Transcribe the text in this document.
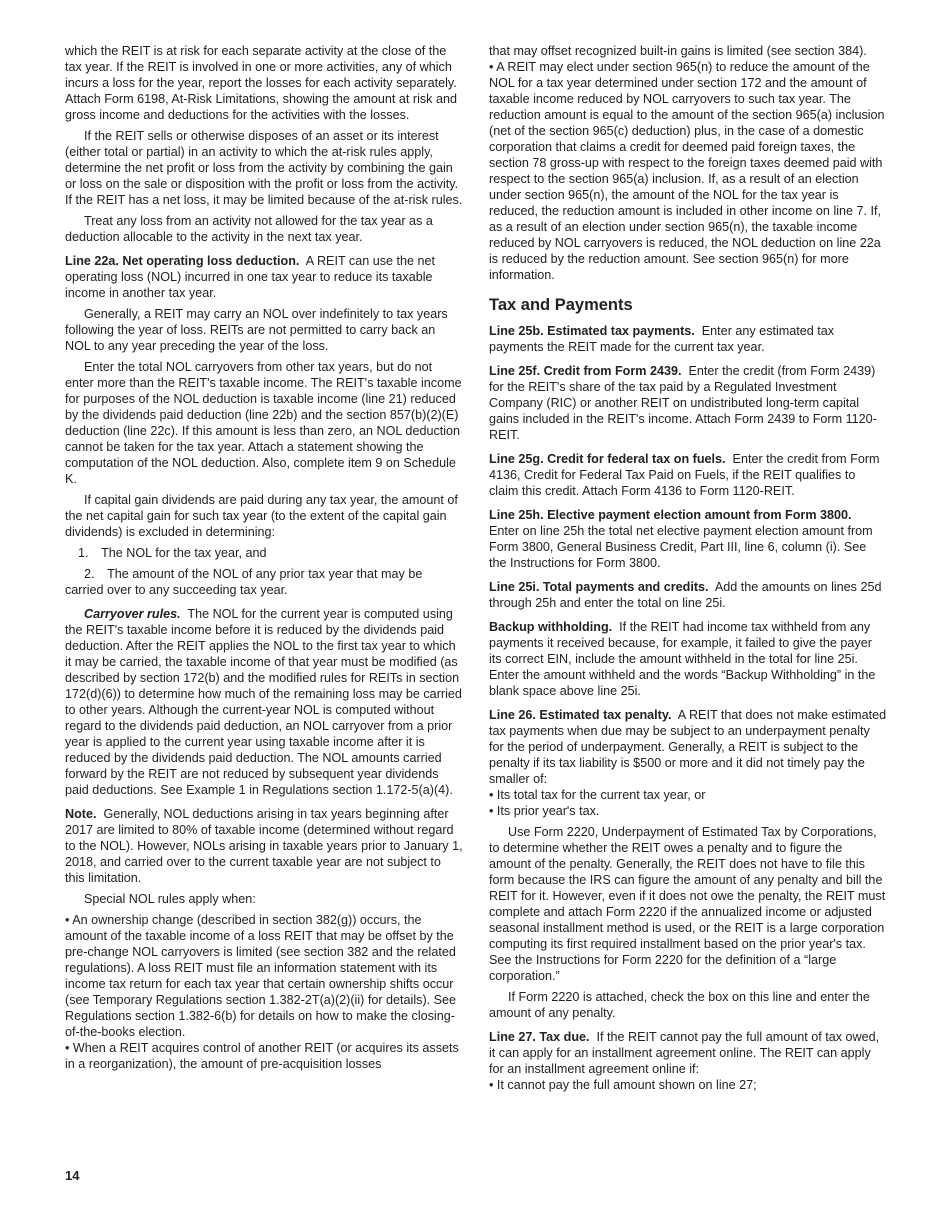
which the REIT is at risk for each separate activity at the close of the tax year. If the REIT is involved in one or more activities, any of which incurs a loss for the year, report the losses for each activity separately. Attach Form 6198, At-Risk Limitations, showing the amount at risk and gross income and deductions for the activities with the losses.

If the REIT sells or otherwise disposes of an asset or its interest (either total or partial) in an activity to which the at-risk rules apply, determine the net profit or loss from the activity by combining the gain or loss on the sale or disposition with the profit or loss from the activity. If the REIT has a net loss, it may be limited because of the at-risk rules.

Treat any loss from an activity not allowed for the tax year as a deduction allocable to the activity in the next tax year.

Line 22a. Net operating loss deduction. A REIT can use the net operating loss (NOL) incurred in one tax year to reduce its taxable income in another tax year.

Generally, a REIT may carry an NOL over indefinitely to tax years following the year of loss. REITs are not permitted to carry back an NOL to any year preceding the year of the loss.

Enter the total NOL carryovers from other tax years, but do not enter more than the REIT's taxable income. The REIT's taxable income for purposes of the NOL deduction is taxable income (line 21) reduced by the dividends paid deduction (line 22b) and the section 857(b)(2)(E) deduction (line 22c). If this amount is less than zero, an NOL deduction cannot be taken for the tax year. Attach a statement showing the computation of the NOL deduction. Also, complete item 9 on Schedule K.

If capital gain dividends are paid during any tax year, the amount of the net capital gain for such tax year (to the extent of the capital gain dividends) is excluded in determining:

1. The NOL for the tax year, and

2. The amount of the NOL of any prior tax year that may be carried over to any succeeding tax year.

Carryover rules. The NOL for the current year is computed using the REIT's taxable income before it is reduced by the dividends paid deduction. After the REIT applies the NOL to the first tax year to which it may be carried, the taxable income of that year must be modified (as described by section 172(b) and the modified rules for REITs in section 172(d)(6)) to determine how much of the remaining loss may be carried to other years. Although the current-year NOL is computed without regard to the dividends paid deduction, an NOL carryover from a prior year is applied to the current year using taxable income after it is reduced by the dividends paid deduction. The NOL amounts carried forward by the REIT are not reduced by subsequent year dividends paid deductions. See Example 1 in Regulations section 1.172-5(a)(4).

Note. Generally, NOL deductions arising in tax years beginning after 2017 are limited to 80% of taxable income (determined without regard to the NOL). However, NOLs arising in taxable years prior to January 1, 2018, and carried over to the current taxable year are not subject to this limitation.

Special NOL rules apply when:

• An ownership change (described in section 382(g)) occurs, the amount of the taxable income of a loss REIT that may be offset by the pre-change NOL carryovers is limited (see section 382 and the related regulations). A loss REIT must file an information statement with its income tax return for each tax year that certain ownership shifts occur (see Temporary Regulations section 1.382-2T(a)(2)(ii) for details). See Regulations section 1.382-6(b) for details on how to make the closing-of-the-books election.

• When a REIT acquires control of another REIT (or acquires its assets in a reorganization), the amount of pre-acquisition losses

that may offset recognized built-in gains is limited (see section 384).

• A REIT may elect under section 965(n) to reduce the amount of the NOL for a tax year determined under section 172 and the amount of taxable income reduced by NOL carryovers to such tax year. The reduction amount is equal to the amount of the section 965(a) inclusion (net of the section 965(c) deduction) plus, in the case of a domestic corporation that claims a credit for deemed paid foreign taxes, the section 78 gross-up with respect to the foreign taxes deemed paid with respect to the section 965(a) inclusion. If, as a result of an election under section 965(n), the amount of the NOL for the tax year is reduced, the reduction amount is included in other income on line 7. If, as a result of an election under section 965(n), the taxable income reduced by NOL carryovers is reduced, the NOL deduction on line 22a is reduced by the reduction amount. See section 965(n) for more information.

Tax and Payments

Line 25b. Estimated tax payments. Enter any estimated tax payments the REIT made for the current tax year.

Line 25f. Credit from Form 2439. Enter the credit (from Form 2439) for the REIT's share of the tax paid by a Regulated Investment Company (RIC) or another REIT on undistributed long-term capital gains included in the REIT's income. Attach Form 2439 to Form 1120-REIT.

Line 25g. Credit for federal tax on fuels. Enter the credit from Form 4136, Credit for Federal Tax Paid on Fuels, if the REIT qualifies to claim this credit. Attach Form 4136 to Form 1120-REIT.

Line 25h. Elective payment election amount from Form 3800.  Enter on line 25h the total net elective payment election amount from Form 3800, General Business Credit, Part III, line 6, column (i). See the Instructions for Form 3800.

Line 25i. Total payments and credits. Add the amounts on lines 25d through 25h and enter the total on line 25i.

Backup withholding. If the REIT had income tax withheld from any payments it received because, for example, it failed to give the payer its correct EIN, include the amount withheld in the total for line 25i. Enter the amount withheld and the words “Backup Withholding” in the blank space above line 25i.

Line 26. Estimated tax penalty. A REIT that does not make estimated tax payments when due may be subject to an underpayment penalty for the period of underpayment. Generally, a REIT is subject to the penalty if its tax liability is $500 or more and it did not timely pay the smaller of:

• Its total tax for the current tax year, or

• Its prior year's tax.

Use Form 2220, Underpayment of Estimated Tax by Corporations, to determine whether the REIT owes a penalty and to figure the amount of the penalty. Generally, the REIT does not have to file this form because the IRS can figure the amount of any penalty and bill the REIT for it. However, even if it does not owe the penalty, the REIT must complete and attach Form 2220 if the annualized income or adjusted seasonal installment method is used, or the REIT is a large corporation computing its first required installment based on the prior year's tax. See the Instructions for Form 2220 for the definition of a “large corporation.”

If Form 2220 is attached, check the box on this line and enter the amount of any penalty.

Line 27. Tax due. If the REIT cannot pay the full amount of tax owed, it can apply for an installment agreement online. The REIT can apply for an installment agreement online if:

• It cannot pay the full amount shown on line 27;

14
